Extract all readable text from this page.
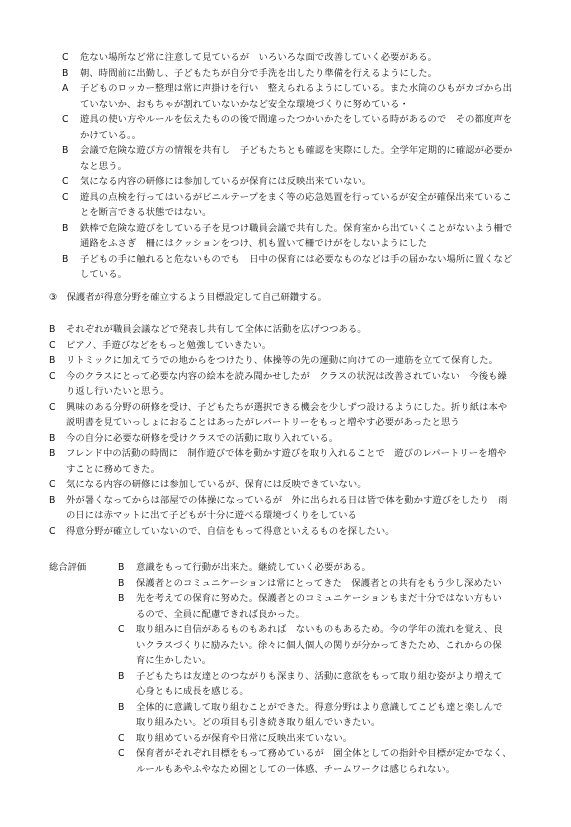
C	危ない場所など常に注意して見ているが　いろいろな面で改善していく必要がある。
B	朝、時間前に出勤し、子どもたちが自分で手洗を出したり準備を行えるようにした。
A	子どものロッカー整理は常に声掛けを行い　整えられるようにしている。また水筒のひもがカゴから出
ていないか、おもちゃが割れていないかなど安全な環境づくりに努めている・
C	遊具の使い方やルールを伝えたものの後で間違ったつかいかたをしている時があるので　その都度声を
かけている。。
B	会議で危険な遊び方の情報を共有し　子どもたちとも確認を実際にした。全学年定期的に確認が必要か
なと思う。
C	気になる内容の研修には参加しているが保育には反映出来ていない。
C	遊具の点検を行ってはいるがビニルテープをまく等の応急処置を行っているが安全が確保出来ているこ
とを断言できる状態ではない。
B	鉄棒で危険な遊びをしている子を見つけ職員会議で共有した。保育室から出ていくことがないよう柵で
通路をふさぎ　柵にはクッションをつけ、机も置いて柵でけがをしないようにした
B	子どもの手に触れると危ないものでも　日中の保育には必要なものなどは手の届かない場所に置くなど
している。
③　保護者が得意分野を確立するよう目標設定して自己研鑽する。
B	それぞれが職員会議などで発表し共有して全体に活動を広げつつある。
C	ピアノ、手遊びなどをもっと勉強していきたい。
B	リトミックに加えてうでの地からをつけたり、体操等の先の運動に向けての一連筋を立てて保育した。
C	今のクラスにとって必要な内容の絵本を読み聞かせしたが　クラスの状況は改善されていない　今後も繰
り返し行いたいと思う。
C	興味のある分野の研修を受け、子どもたちが選択できる機会を少しずつ設けるようにした。折り紙は本や
説明書を見ていっしょにおることはあったがレパートリーをもっと増やす必要があったと思う
B	今の自分に必要な研修を受けクラスでの活動に取り入れている。
B	フレンド中の活動の時間に　制作遊びで体を動かす遊びを取り入れることで　遊びのレパートリーを増や
すことに務めてきた。
C	気になる内容の研修には参加しているが、保育には反映できていない。
B	外が暑くなってからは部屋での体操になっているが　外に出られる日は皆で体を動かす遊びをしたり　雨
の日には赤マットに出て子どもが十分に遊べる環境づくりをしている
C	得意分野が確立していないので、自信をもって得意といえるものを探したい。
総合評価	B	意識をもって行動が出来た。継続していく必要がある。
B	保護者とのコミュニケーションは常にとってきた　保護者との共有をもう少し深めたい
B	先を考えての保育に努めた。保護者とのコミュニケーションもまだ十分ではない方もい
るので、全員に配慮できれば良かった。
C	取り組みに自信があるものもあれば　ないものもあるため。今の学年の流れを覚え、良
いクラスづくりに励みたい。徐々に個人個人の関りが分かってきたため、これからの保
育に生かしたい。
B	子どもたちは友達とのつながりも深まり、活動に意欲をもって取り組む姿がより増えて
心身ともに成長を感じる。
B	全体的に意識して取り組むことができた。得意分野はより意識してこども達と楽しんで
取り組みたい。どの項目も引き続き取り組んでいきたい。
C	取り組めているが保育や日常に反映出来ていない。
C	保育者がそれぞれ目標をもって務めているが　園全体としての指針や目標が定かでなく、
ルールもあやふやなため園としての一体感、チームワークは感じられない。
